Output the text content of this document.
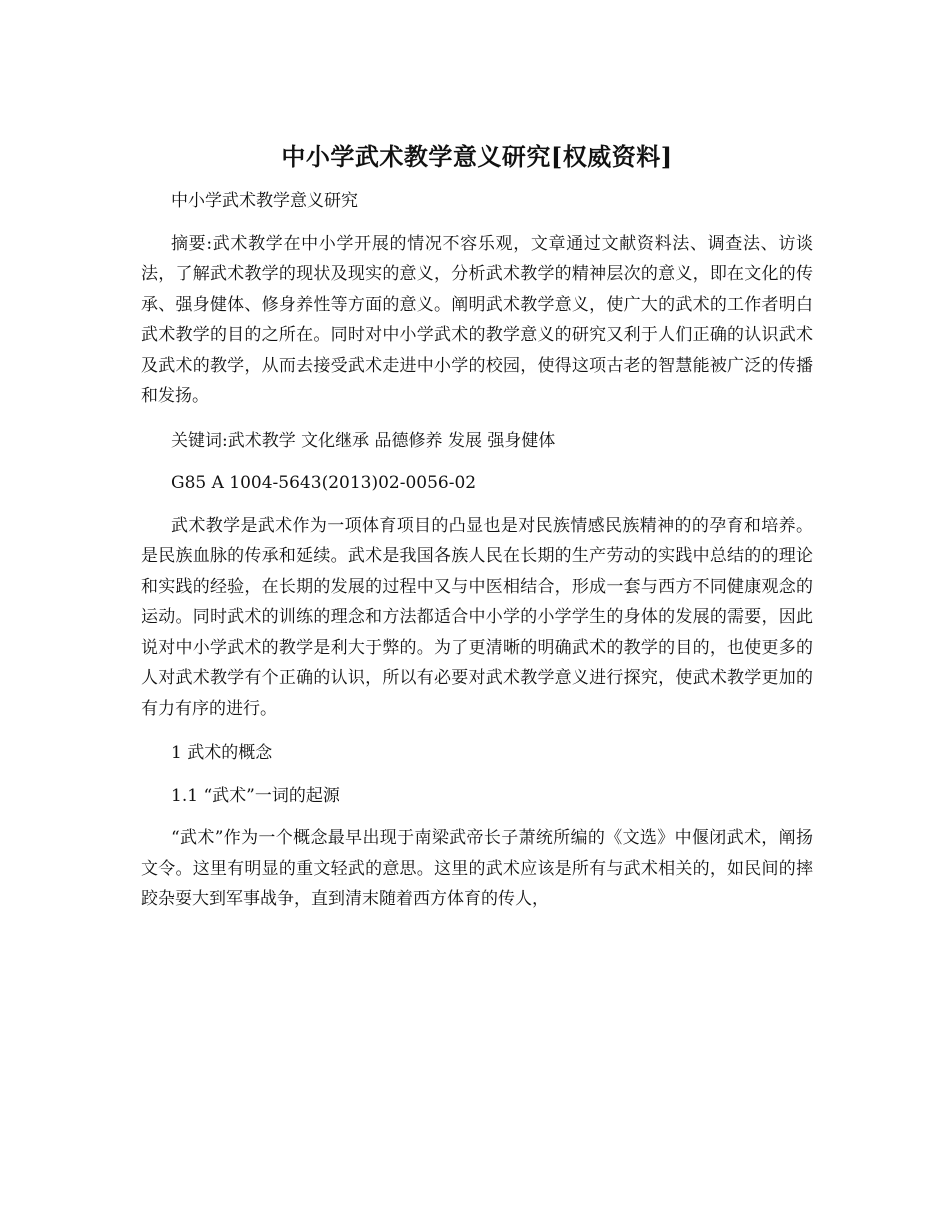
中小学武术教学意义研究[权威资料]

中小学武术教学意义研究

摘要:武术教学在中小学开展的情况不容乐观，文章通过文献资料法、调查法、访谈法，了解武术教学的现状及现实的意义，分析武术教学的精神层次的意义，即在文化的传承、强身健体、修身养性等方面的意义。阐明武术教学意义，使广大的武术的工作者明白武术教学的目的之所在。同时对中小学武术的教学意义的研究又利于人们正确的认识武术及武术的教学，从而去接受武术走进中小学的校园，使得这项古老的智慧能被广泛的传播和发扬。

关键词:武术教学 文化继承 品德修养 发展 强身健体

G85 A 1004-5643(2013)02-0056-02

武术教学是武术作为一项体育项目的凸显也是对民族情感民族精神的的孕育和培养。是民族血脉的传承和延续。武术是我国各族人民在长期的生产劳动的实践中总结的的理论和实践的经验，在长期的发展的过程中又与中医相结合，形成一套与西方不同健康观念的运动。同时武术的训练的理念和方法都适合中小学的小学学生的身体的发展的需要，因此说对中小学武术的教学是利大于弊的。为了更清晰的明确武术的教学的目的，也使更多的人对武术教学有个正确的认识，所以有必要对武术教学意义进行探究，使武术教学更加的有力有序的进行。

1 武术的概念

1.1 “武术”一词的起源

“武术”作为一个概念最早出现于南梁武帝长子萧统所编的《文选》中偃闭武术，阐扬文令。这里有明显的重文轻武的意思。这里的武术应该是所有与武术相关的，如民间的摔跤杂耍大到军事战争，直到清末随着西方体育的传人，
